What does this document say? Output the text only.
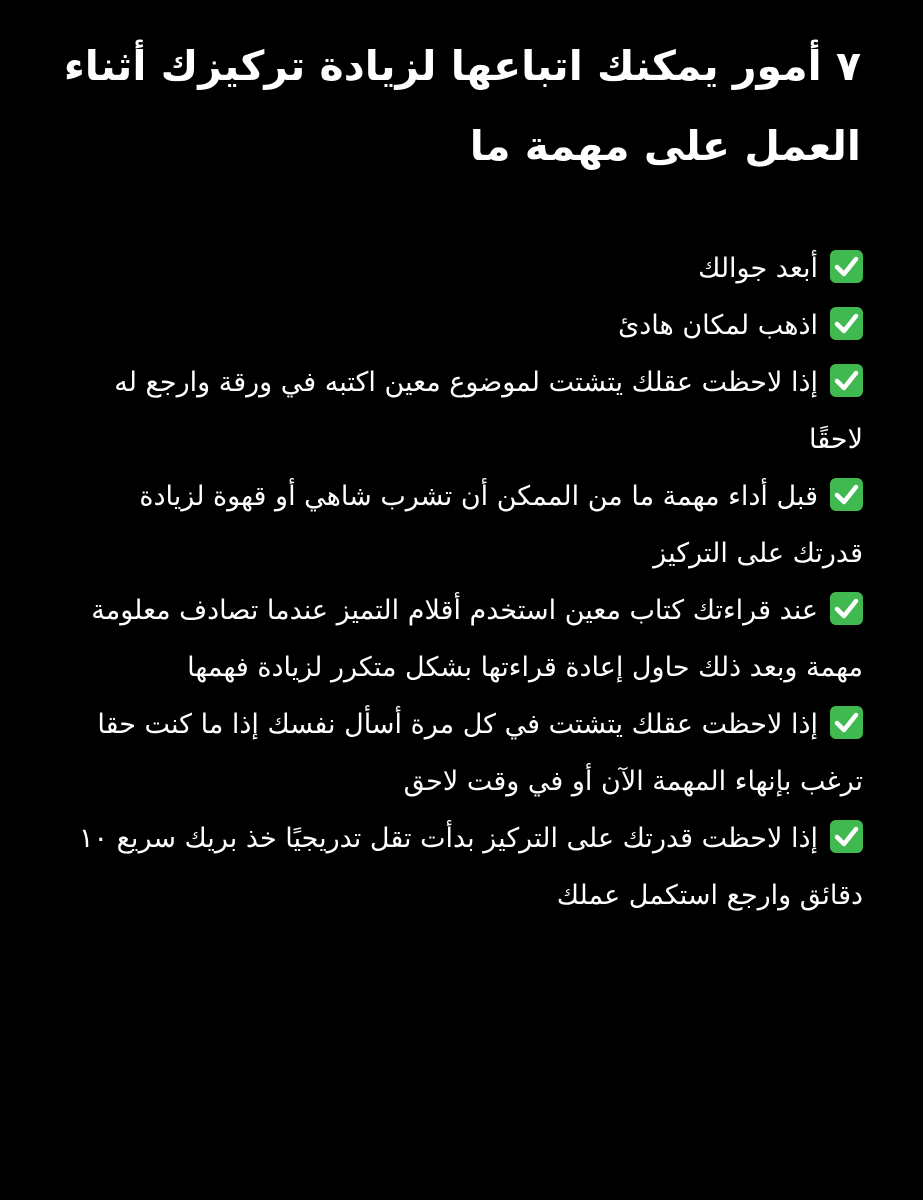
٧ أمور يمكنك اتباعها لزيادة تركيزك أثناء العمل على مهمة ما
أبعد جوالك
اذهب لمكان هادئ
إذا لاحظت عقلك يتشتت لموضوع معين اكتبه في ورقة وارجع له لاحقًا
قبل أداء مهمة ما من الممكن أن تشرب شاهي أو قهوة لزيادة قدرتك على التركيز
عند قراءتك كتاب معين استخدم أقلام التميز عندما تصادف معلومة مهمة وبعد ذلك حاول إعادة قراءتها بشكل متكرر لزيادة فهمها
إذا لاحظت عقلك يتشتت في كل مرة أسأل نفسك إذا ما كنت حقا ترغب بإنهاء المهمة الآن أو في وقت لاحق
إذا لاحظت قدرتك على التركيز بدأت تقل تدريجيًا خذ بريك سريع ١٠ دقائق وارجع استكمل عملك
